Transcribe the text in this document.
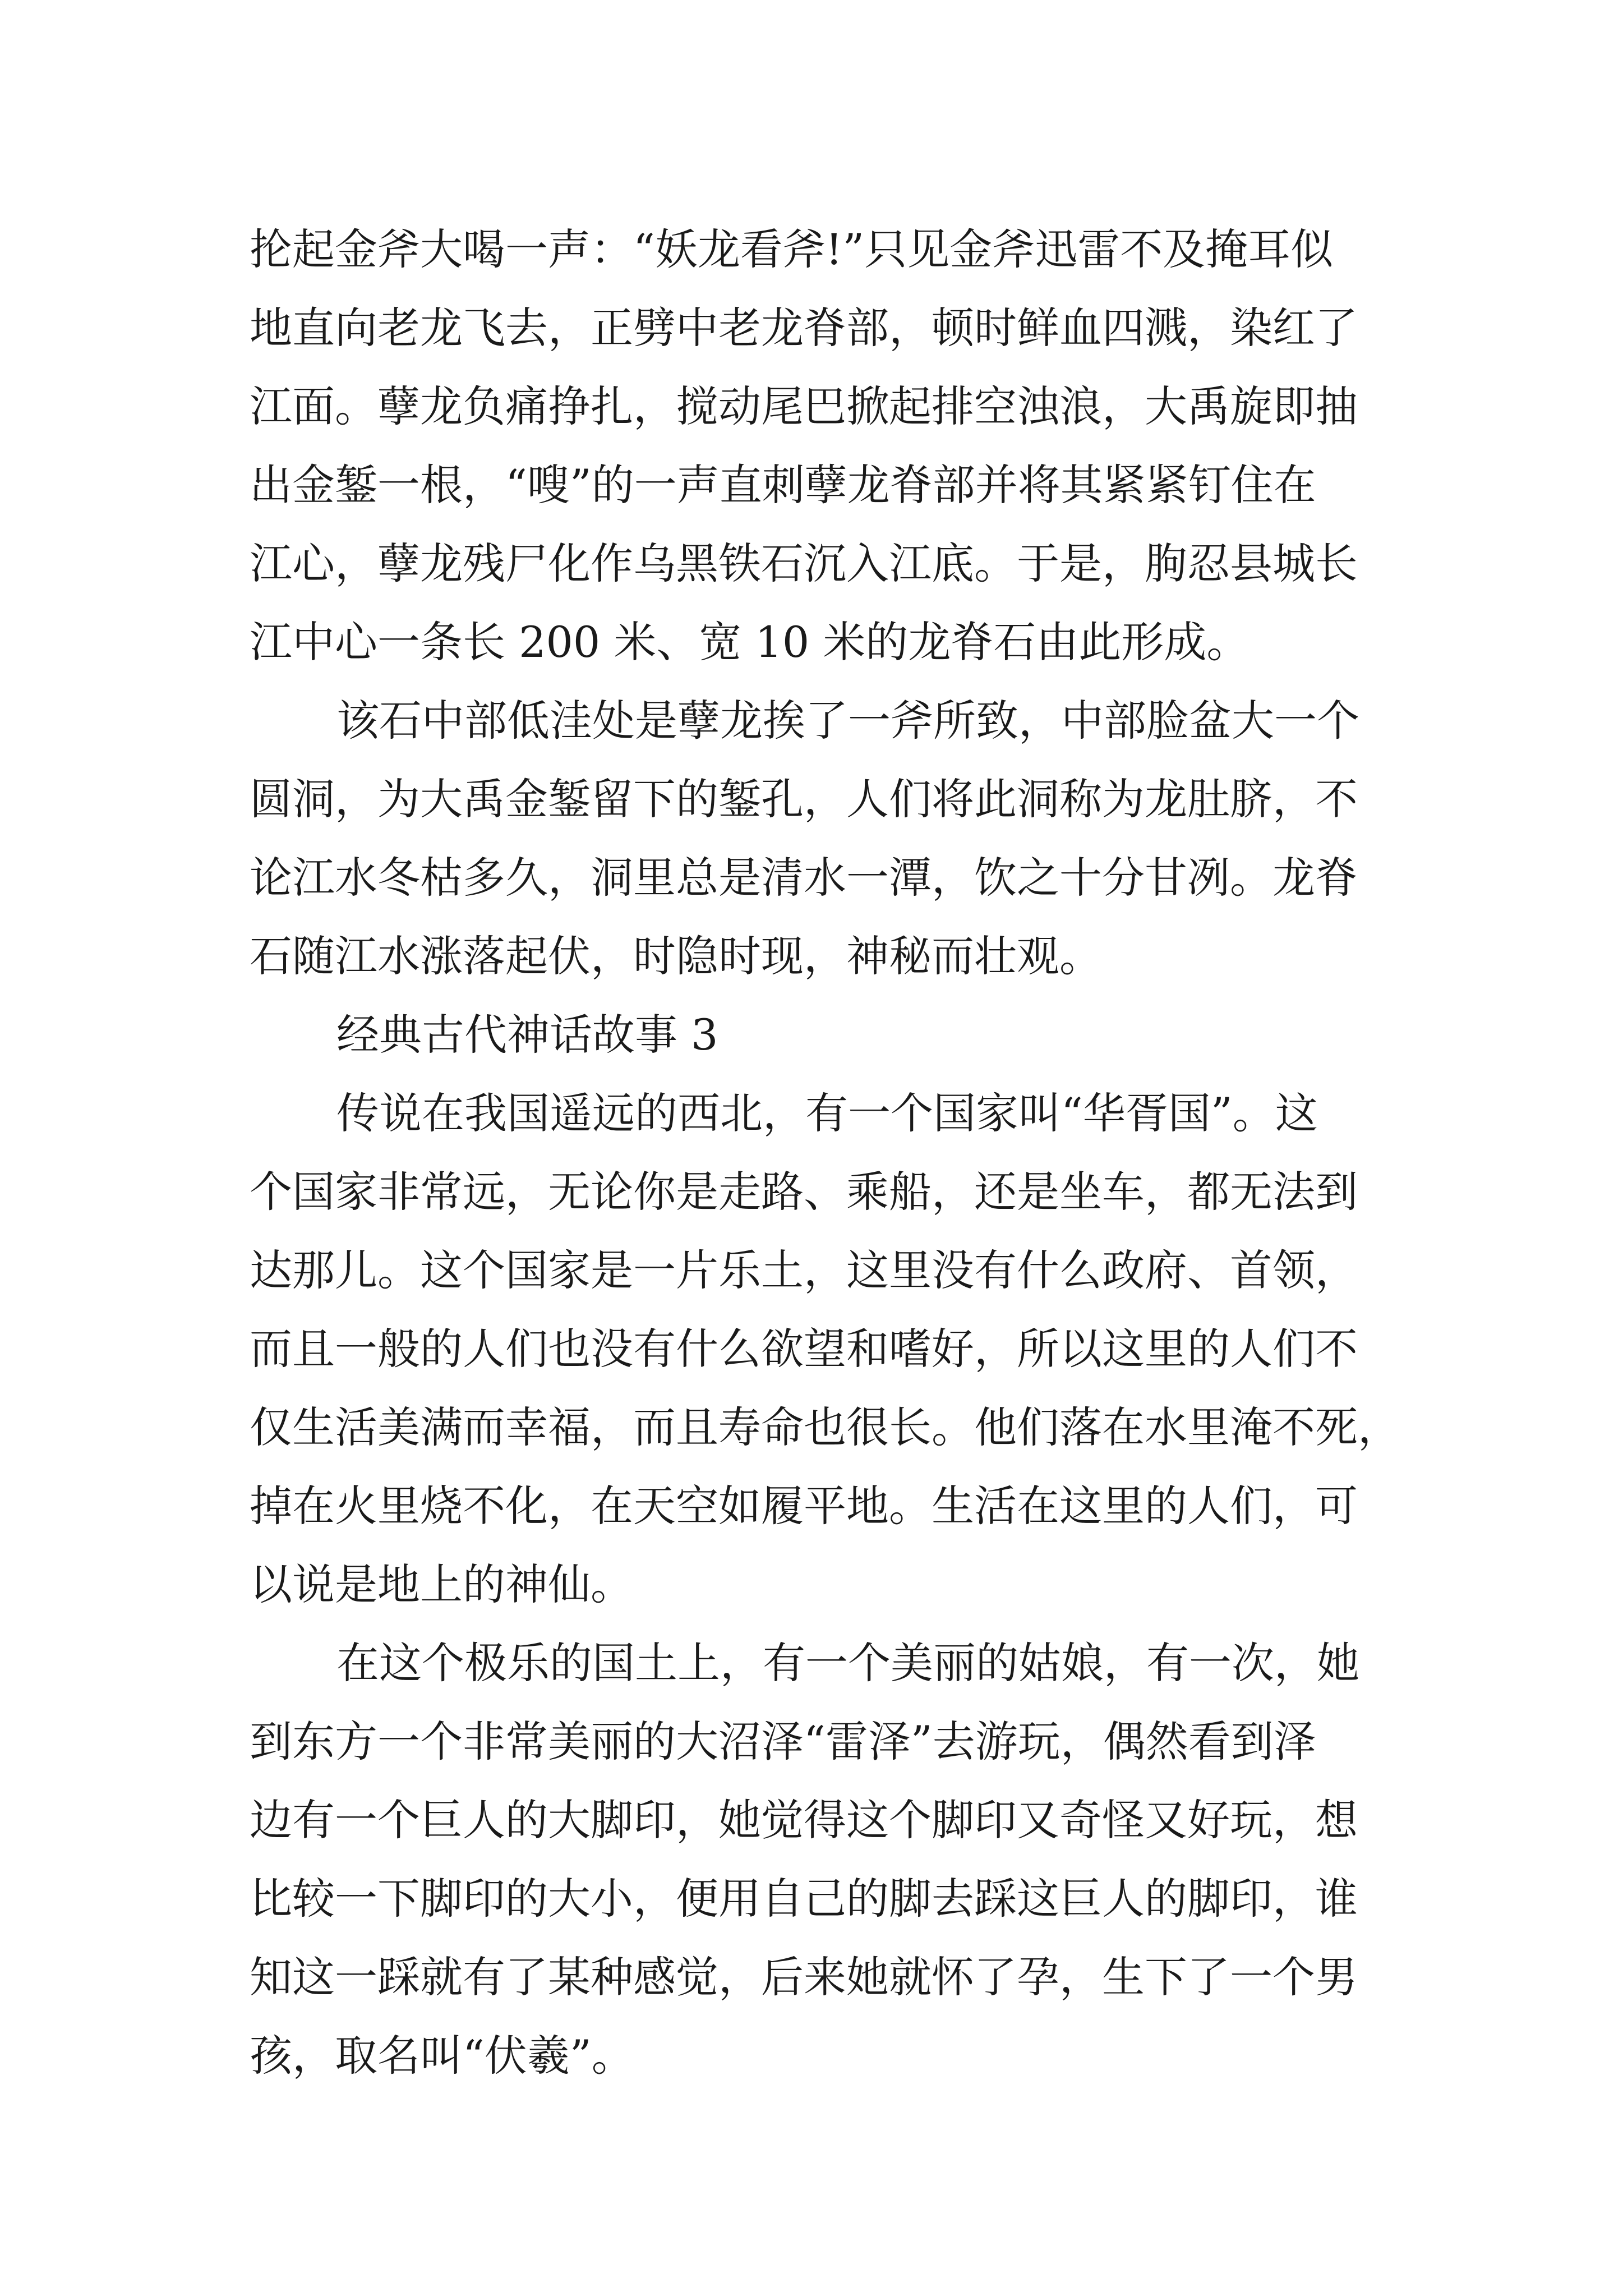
抡起金斧大喝一声：“妖龙看斧!”只见金斧迅雷不及掩耳似

地直向老龙飞去，正劈中老龙脊部，顿时鲜血四溅，染红了

江面。孽龙负痛挣扎，搅动尾巴掀起排空浊浪，大禹旋即抽

出金錾一根，“嗖”的一声直刺孽龙脊部并将其紧紧钉住在

江心，孽龙残尸化作乌黑铁石沉入江底。于是，朐忍县城长

江中心一条长 200 米、宽 10 米的龙脊石由此形成。

该石中部低洼处是孽龙挨了一斧所致，中部脸盆大一个

圆洞，为大禹金錾留下的錾孔，人们将此洞称为龙肚脐，不

论江水冬枯多久，洞里总是清水一潭，饮之十分甘冽。龙脊

石随江水涨落起伏，时隐时现，神秘而壮观。

经典古代神话故事 3

传说在我国遥远的西北，有一个国家叫“华胥国”。这

个国家非常远，无论你是走路、乘船，还是坐车，都无法到

达那儿。这个国家是一片乐土，这里没有什么政府、首领，

而且一般的人们也没有什么欲望和嗜好，所以这里的人们不

仅生活美满而幸福，而且寿命也很长。他们落在水里淹不死，

掉在火里烧不化，在天空如履平地。生活在这里的人们，可

以说是地上的神仙。

在这个极乐的国土上，有一个美丽的姑娘，有一次，她

到东方一个非常美丽的大沼泽“雷泽”去游玩，偶然看到泽

边有一个巨人的大脚印，她觉得这个脚印又奇怪又好玩，想

比较一下脚印的大小，便用自己的脚去踩这巨人的脚印，谁

知这一踩就有了某种感觉，后来她就怀了孕，生下了一个男

孩，取名叫“伏羲”。
